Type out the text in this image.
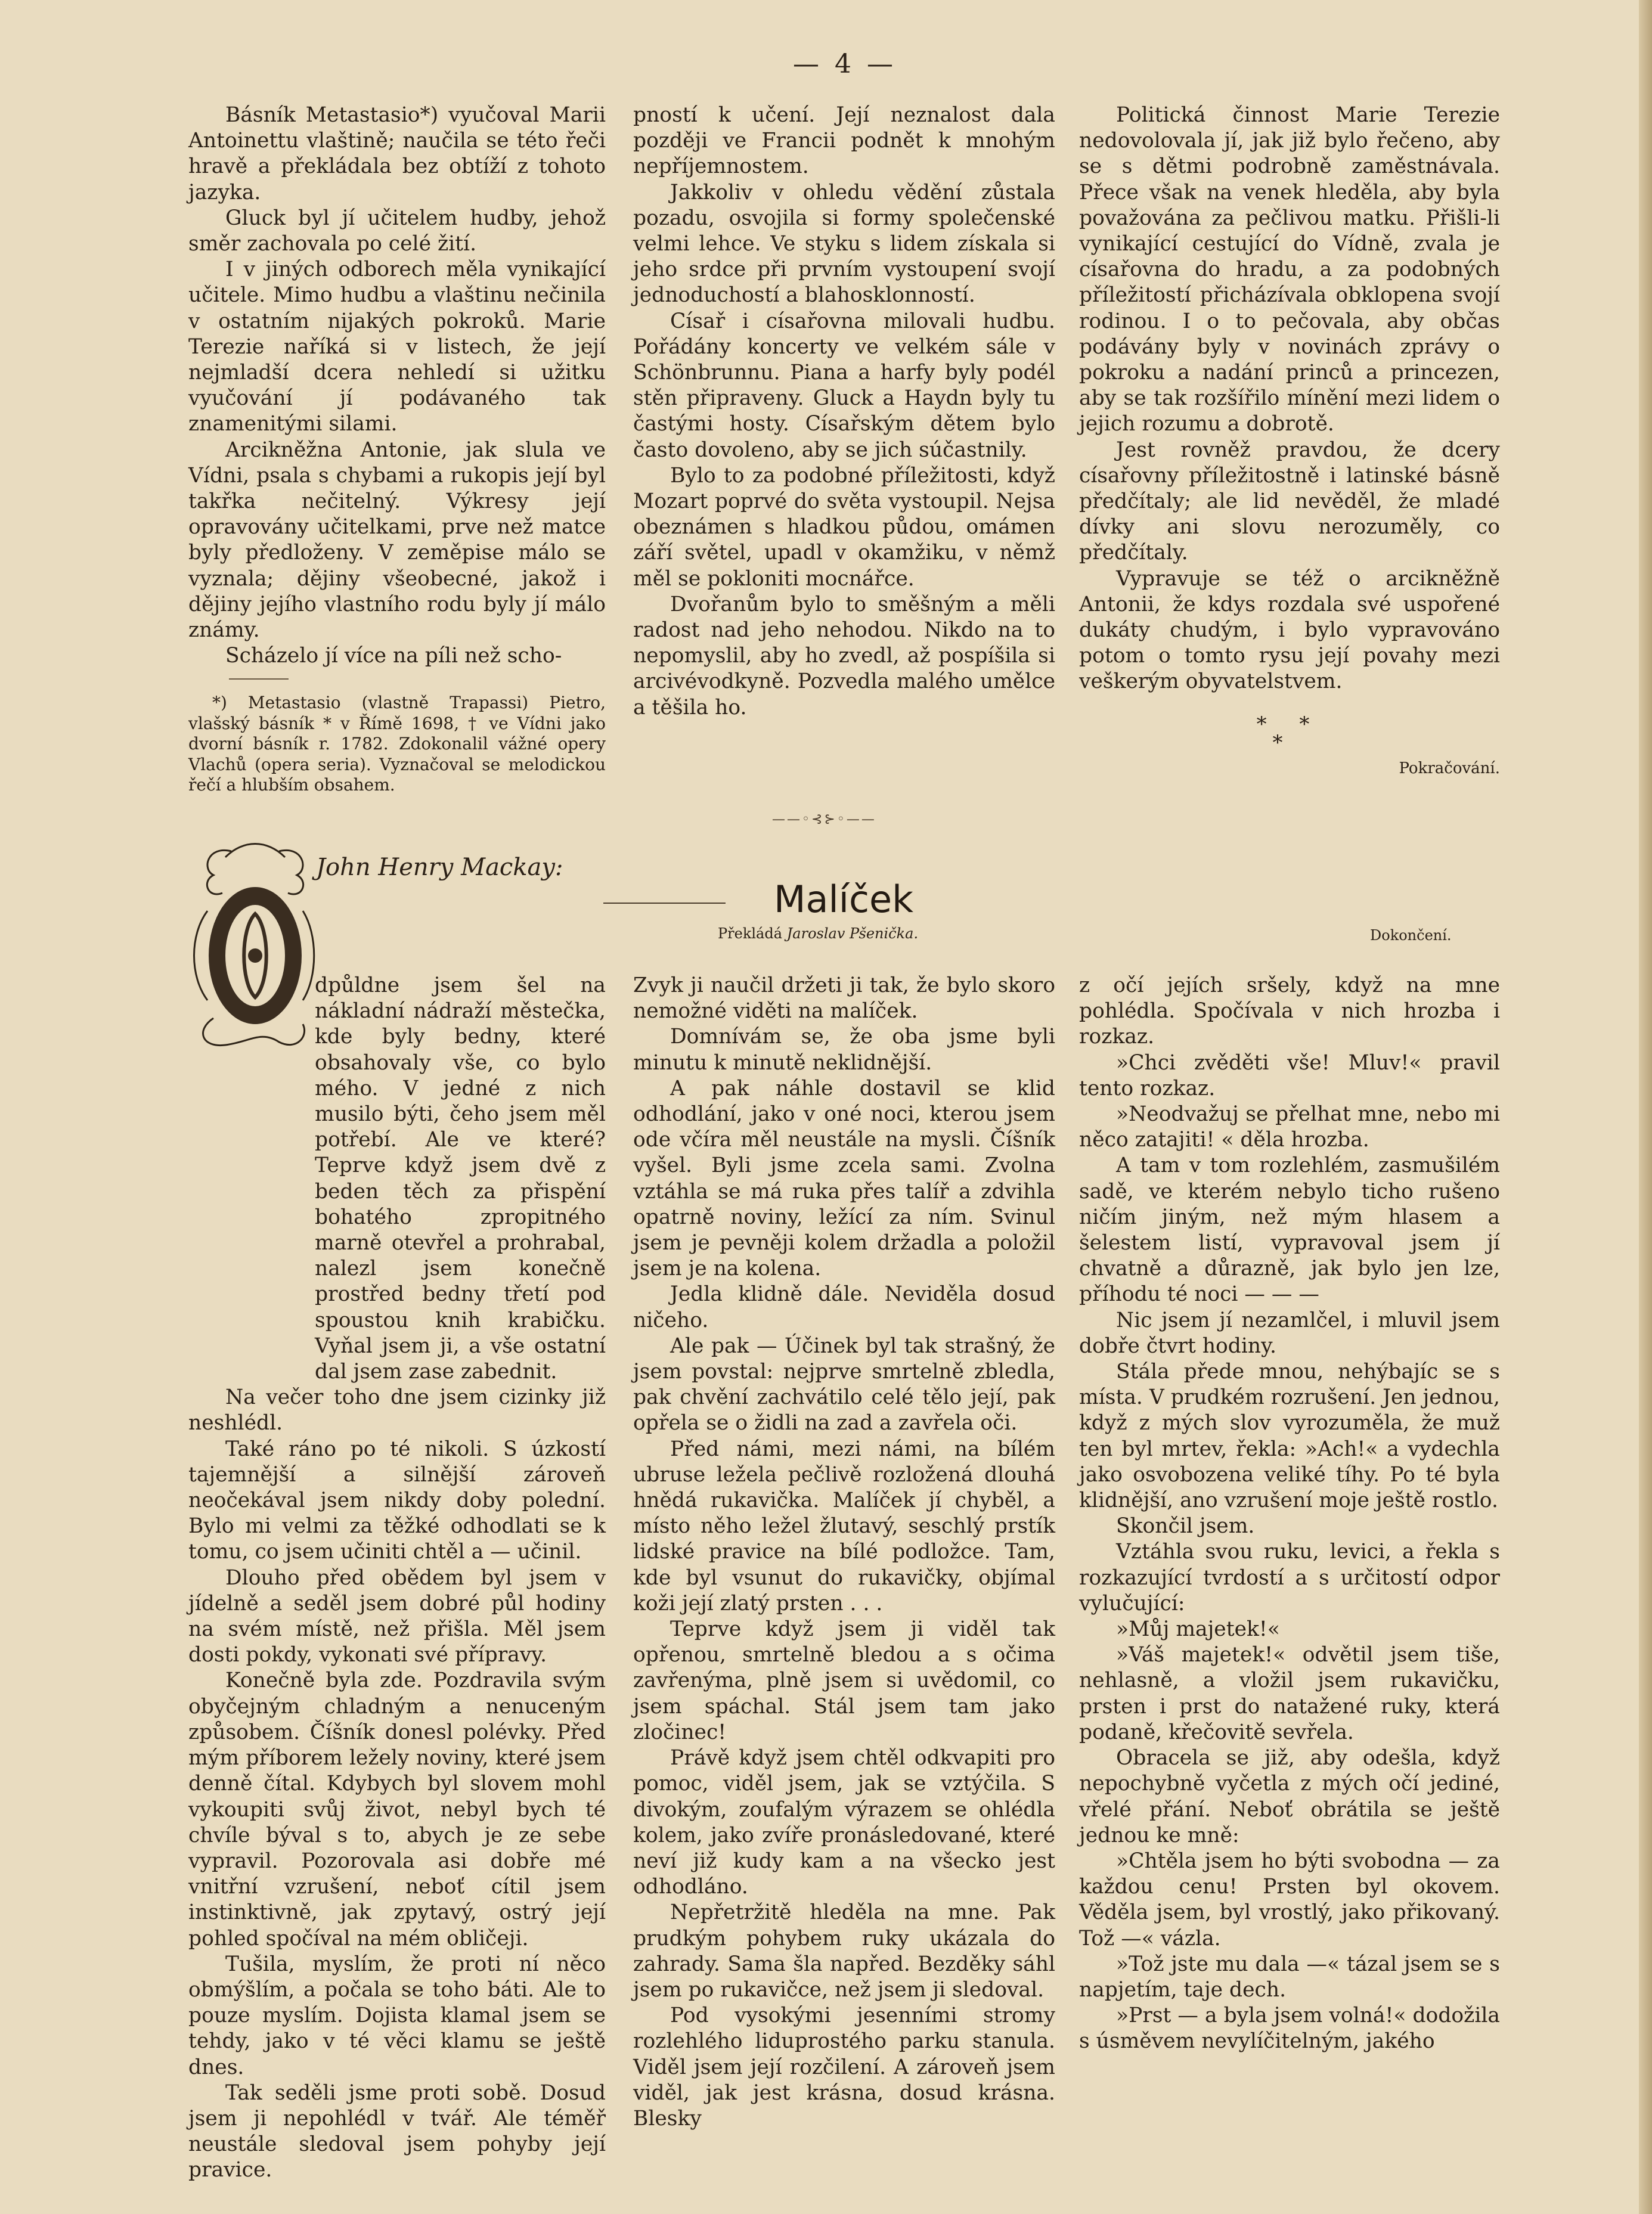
— 4 —

Básník Metastasio*) vyučoval Marii Antoinettu vlaštině; naučila se této řeči hravě a překládala bez obtíží z tohoto jazyka.

Gluck byl jí učitelem hudby, jehož směr zachovala po celé žití.

I v jiných odborech měla vynikající učitele. Mimo hudbu a vlaštinu nečinila v ostatním nijakých pokroků. Marie Terezie naříká si v listech, že její nejmladší dcera nehledí si užitku vyučování jí podávaného tak znamenitými silami.

Arcikněžna Antonie, jak slula ve Vídni, psala s chybami a rukopis její byl takřka nečitelný. Výkresy její opravovány učitelkami, prve než matce byly předloženy. V zeměpise málo se vyznala; dějiny všeobecné, jakož i dějiny jejího vlastního rodu byly jí málo známy.

Scházelo jí více na píli než scho-

*) Metastasio (vlastně Trapassi) Pietro, vlašský básník * v Římě 1698, † ve Vídni jako dvorní básník r. 1782. Zdokonalil vážné opery Vlachů (opera seria). Vyznačoval se melodickou řečí a hlubším obsahem.

pností k učení. Její neznalost dala později ve Francii podnět k mnohým nepříjemnostem.

Jakkoliv v ohledu vědění zůstala pozadu, osvojila si formy společenské velmi lehce. Ve styku s lidem získala si jeho srdce při prvním vystoupení svojí jednoduchostí a blahosklonností.

Císař i císařovna milovali hudbu. Pořádány koncerty ve velkém sále v Schönbrunnu. Piana a harfy byly podél stěn připraveny. Gluck a Haydn byly tu častými hosty. Císařským dětem bylo často dovoleno, aby se jich súčastnily.

Bylo to za podobné příležitosti, když Mozart poprvé do světa vystoupil. Nejsa obeznámen s hladkou půdou, omámen září světel, upadl v okamžiku, v němž měl se pokloniti mocnářce.

Dvořanům bylo to směšným a měli radost nad jeho nehodou. Nikdo na to nepomyslil, aby ho zvedl, až pospíšila si arcivévodkyně. Pozvedla malého umělce a těšila ho.

Politická činnost Marie Terezie nedovolovala jí, jak již bylo řečeno, aby se s dětmi podrobně zaměstnávala. Přece však na venek hleděla, aby byla považována za pečlivou matku. Přišli-li vynikající cestující do Vídně, zvala je císařovna do hradu, a za podobných příležitostí přicházívala obklopena svojí rodinou. I o to pečovala, aby občas podávány byly v novinách zprávy o pokroku a nadání princů a princezen, aby se tak rozšířilo mínění mezi lidem o jejich rozumu a dobrotě.

Jest rovněž pravdou, že dcery císařovny příležitostně i latinské básně předčítaly; ale lid nevěděl, že mladé dívky ani slovu nerozuměly, co předčítaly.

Vypravuje se též o arcikněžně Antonii, že kdys rozdala své uspořené dukáty chudým, i bylo vypravováno potom o tomto rysu její povahy mezi veškerým obyvatelstvem.

* *
*
Pokračování.
——◦⊰⊱◦——
John Henry Mackay:
Malíček
Překládá Jaroslav Pšenička.	Dokončení.

dpůldne jsem šel na nákladní nádraží městečka, kde byly bedny, které obsahovaly vše, co bylo mého. V jedné z nich musilo býti, čeho jsem měl potřebí. Ale ve které? Teprve když jsem dvě z beden těch za přispění bohatého zpropitného marně otevřel a prohrabal, nalezl jsem konečně prostřed bedny třetí pod spoustou knih krabičku. Vyňal jsem ji, a vše ostatní dal jsem zase zabednit.

Na večer toho dne jsem cizinky již neshlédl.

Také ráno po té nikoli. S úzkostí tajemnější a silnější zároveň neočekával jsem nikdy doby polední. Bylo mi velmi za těžké odhodlati se k tomu, co jsem učiniti chtěl a — učinil.

Dlouho před obědem byl jsem v jídelně a seděl jsem dobré půl hodiny na svém místě, než přišla. Měl jsem dosti pokdy, vykonati své přípravy.

Konečně byla zde. Pozdravila svým obyčejným chladným a nenuceným způsobem. Číšník donesl polévky. Před mým příborem ležely noviny, které jsem denně čítal. Kdybych byl slovem mohl vykoupiti svůj život, nebyl bych té chvíle býval s to, abych je ze sebe vypravil. Pozorovala asi dobře mé vnitřní vzrušení, neboť cítil jsem instinktivně, jak zpytavý, ostrý její pohled spočíval na mém obličeji.

Tušila, myslím, že proti ní něco obmýšlím, a počala se toho báti. Ale to pouze myslím. Dojista klamal jsem se tehdy, jako v té věci klamu se ještě dnes.

Tak seděli jsme proti sobě. Dosud jsem ji nepohlédl v tvář. Ale téměř neustále sledoval jsem pohyby její pravice.

Zvyk ji naučil držeti ji tak, že bylo skoro nemožné viděti na malíček.

Domnívám se, že oba jsme byli minutu k minutě neklidnější.

A pak náhle dostavil se klid odhodlání, jako v oné noci, kterou jsem ode včíra měl neustále na mysli. Číšník vyšel. Byli jsme zcela sami. Zvolna vztáhla se má ruka přes talíř a zdvihla opatrně noviny, ležící za ním. Svinul jsem je pevněji kolem držadla a položil jsem je na kolena.

Jedla klidně dále. Neviděla dosud ničeho.

Ale pak — Účinek byl tak strašný, že jsem povstal: nejprve smrtelně zbledla, pak chvění zachvátilo celé tělo její, pak opřela se o židli na zad a zavřela oči.

Před námi, mezi námi, na bílém ubruse ležela pečlivě rozložená dlouhá hnědá rukavička. Malíček jí chyběl, a místo něho ležel žlutavý, seschlý prstík lidské pravice na bílé podložce. Tam, kde byl vsunut do rukavičky, objímal koži její zlatý prsten . . .

Teprve když jsem ji viděl tak opřenou, smrtelně bledou a s očima zavřenýma, plně jsem si uvědomil, co jsem spáchal. Stál jsem tam jako zločinec!

Právě když jsem chtěl odkvapiti pro pomoc, viděl jsem, jak se vztýčila. S divokým, zoufalým výrazem se ohlédla kolem, jako zvíře pronásledované, které neví již kudy kam a na všecko jest odhodláno.

Nepřetržitě hleděla na mne. Pak prudkým pohybem ruky ukázala do zahrady. Sama šla napřed. Bezděky sáhl jsem po rukavičce, než jsem ji sledoval.

Pod vysokými jesenními stromy rozlehlého liduprostého parku stanula. Viděl jsem její rozčilení. A zároveň jsem viděl, jak jest krásna, dosud krásna. Blesky

z očí jejích sršely, když na mne pohlédla. Spočívala v nich hrozba i rozkaz.

»Chci zvěděti vše! Mluv!« pravil tento rozkaz.

»Neodvažuj se přelhat mne, nebo mi něco zatajiti! « děla hrozba.

A tam v tom rozlehlém, zasmušilém sadě, ve kterém nebylo ticho rušeno ničím jiným, než mým hlasem a šelestem listí, vypravoval jsem jí chvatně a důrazně, jak bylo jen lze, příhodu té noci — — —

Nic jsem jí nezamlčel, i mluvil jsem dobře čtvrt hodiny.

Stála přede mnou, nehýbajíc se s místa. V prudkém rozrušení. Jen jednou, když z mých slov vyrozuměla, že muž ten byl mrtev, řekla: »Ach!« a vydechla jako osvobozena veliké tíhy. Po té byla klidnější, ano vzrušení moje ještě rostlo.

Skončil jsem.

Vztáhla svou ruku, levici, a řekla s rozkazující tvrdostí a s určitostí odpor vylučující:

»Můj majetek!«

»Váš majetek!« odvětil jsem tiše, nehlasně, a vložil jsem rukavičku, prsten i prst do natažené ruky, která podaně, křečovitě sevřela.

Obracela se již, aby odešla, když nepochybně vyčetla z mých očí jediné, vřelé přání. Neboť obrátila se ještě jednou ke mně:

»Chtěla jsem ho býti svobodna — za každou cenu! Prsten byl okovem. Věděla jsem, byl vrostlý, jako přikovaný. Tož —« vázla.

»Tož jste mu dala —« tázal jsem se s napjetím, taje dech.

»Prst — a byla jsem volná!« dodožila s úsměvem nevylíčitelným, jakého
